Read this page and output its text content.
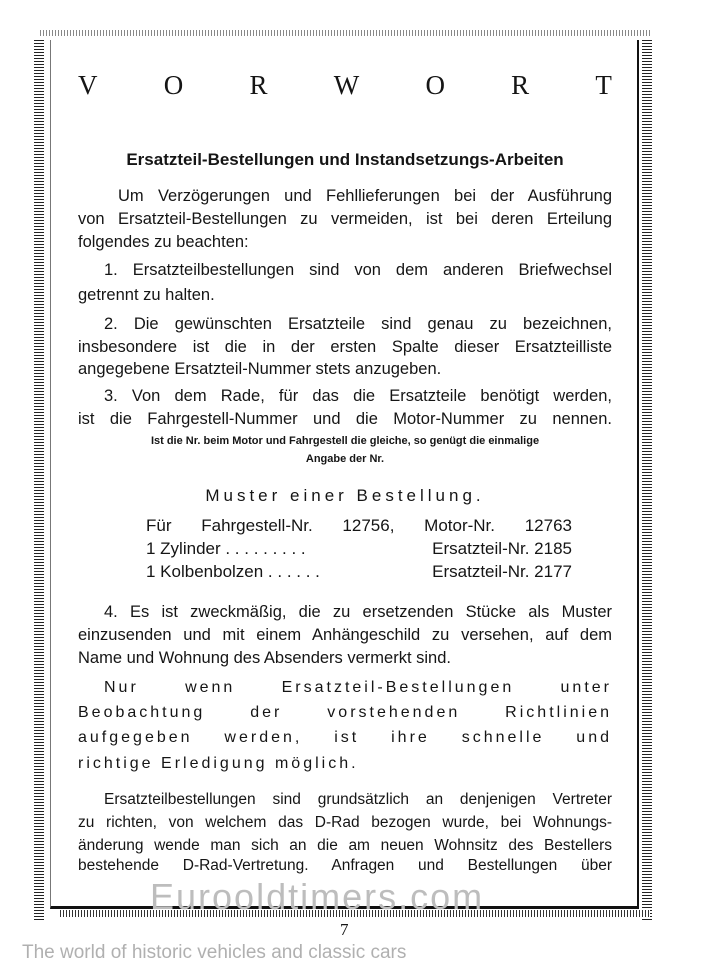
V O R W O R T
Ersatzteil-Bestellungen und Instandsetzungs-Arbeiten
Um Verzögerungen und Fehllieferungen bei der Ausführung
von Ersatzteil-Bestellungen zu vermeiden, ist bei deren Erteilung
folgendes zu beachten:
1. Ersatzteilbestellungen sind von dem anderen Briefwechsel
getrennt zu halten.
2. Die gewünschten Ersatzteile sind genau zu bezeichnen,
insbesondere ist die in der ersten Spalte dieser Ersatzteilliste
angegebene Ersatzteil-Nummer stets anzugeben.
3. Von dem Rade, für das die Ersatzteile benötigt werden,
ist die Fahrgestell-Nummer und die Motor-Nummer zu nennen.
Ist die Nr. beim Motor und Fahrgestell die gleiche, so genügt die einmalige
Angabe der Nr.
Muster einer Bestellung.
Für Fahrgestell-Nr. 12756, Motor-Nr. 12763
1 Zylinder . . . . . . . . .	Ersatzteil-Nr. 2185
1 Kolbenbolzen . . . . . .	Ersatzteil-Nr. 2177
4. Es ist zweckmäßig, die zu ersetzenden Stücke als Muster
einzusenden und mit einem Anhängeschild zu versehen, auf dem
Name und Wohnung des Absenders vermerkt sind.
Nur wenn Ersatzteil-Bestellungen unter
Beobachtung der vorstehenden Richtlinien
aufgegeben werden, ist ihre schnelle und
richtige Erledigung möglich.
Ersatzteilbestellungen sind grundsätzlich an denjenigen Vertreter
zu richten, von welchem das D-Rad bezogen wurde, bei Wohnungs-
änderung wende man sich an die am neuen Wohnsitz des Bestellers
bestehende D-Rad-Vertretung. Anfragen und Bestellungen über
Eurooldtimers.com
7
The world of historic vehicles and classic cars
